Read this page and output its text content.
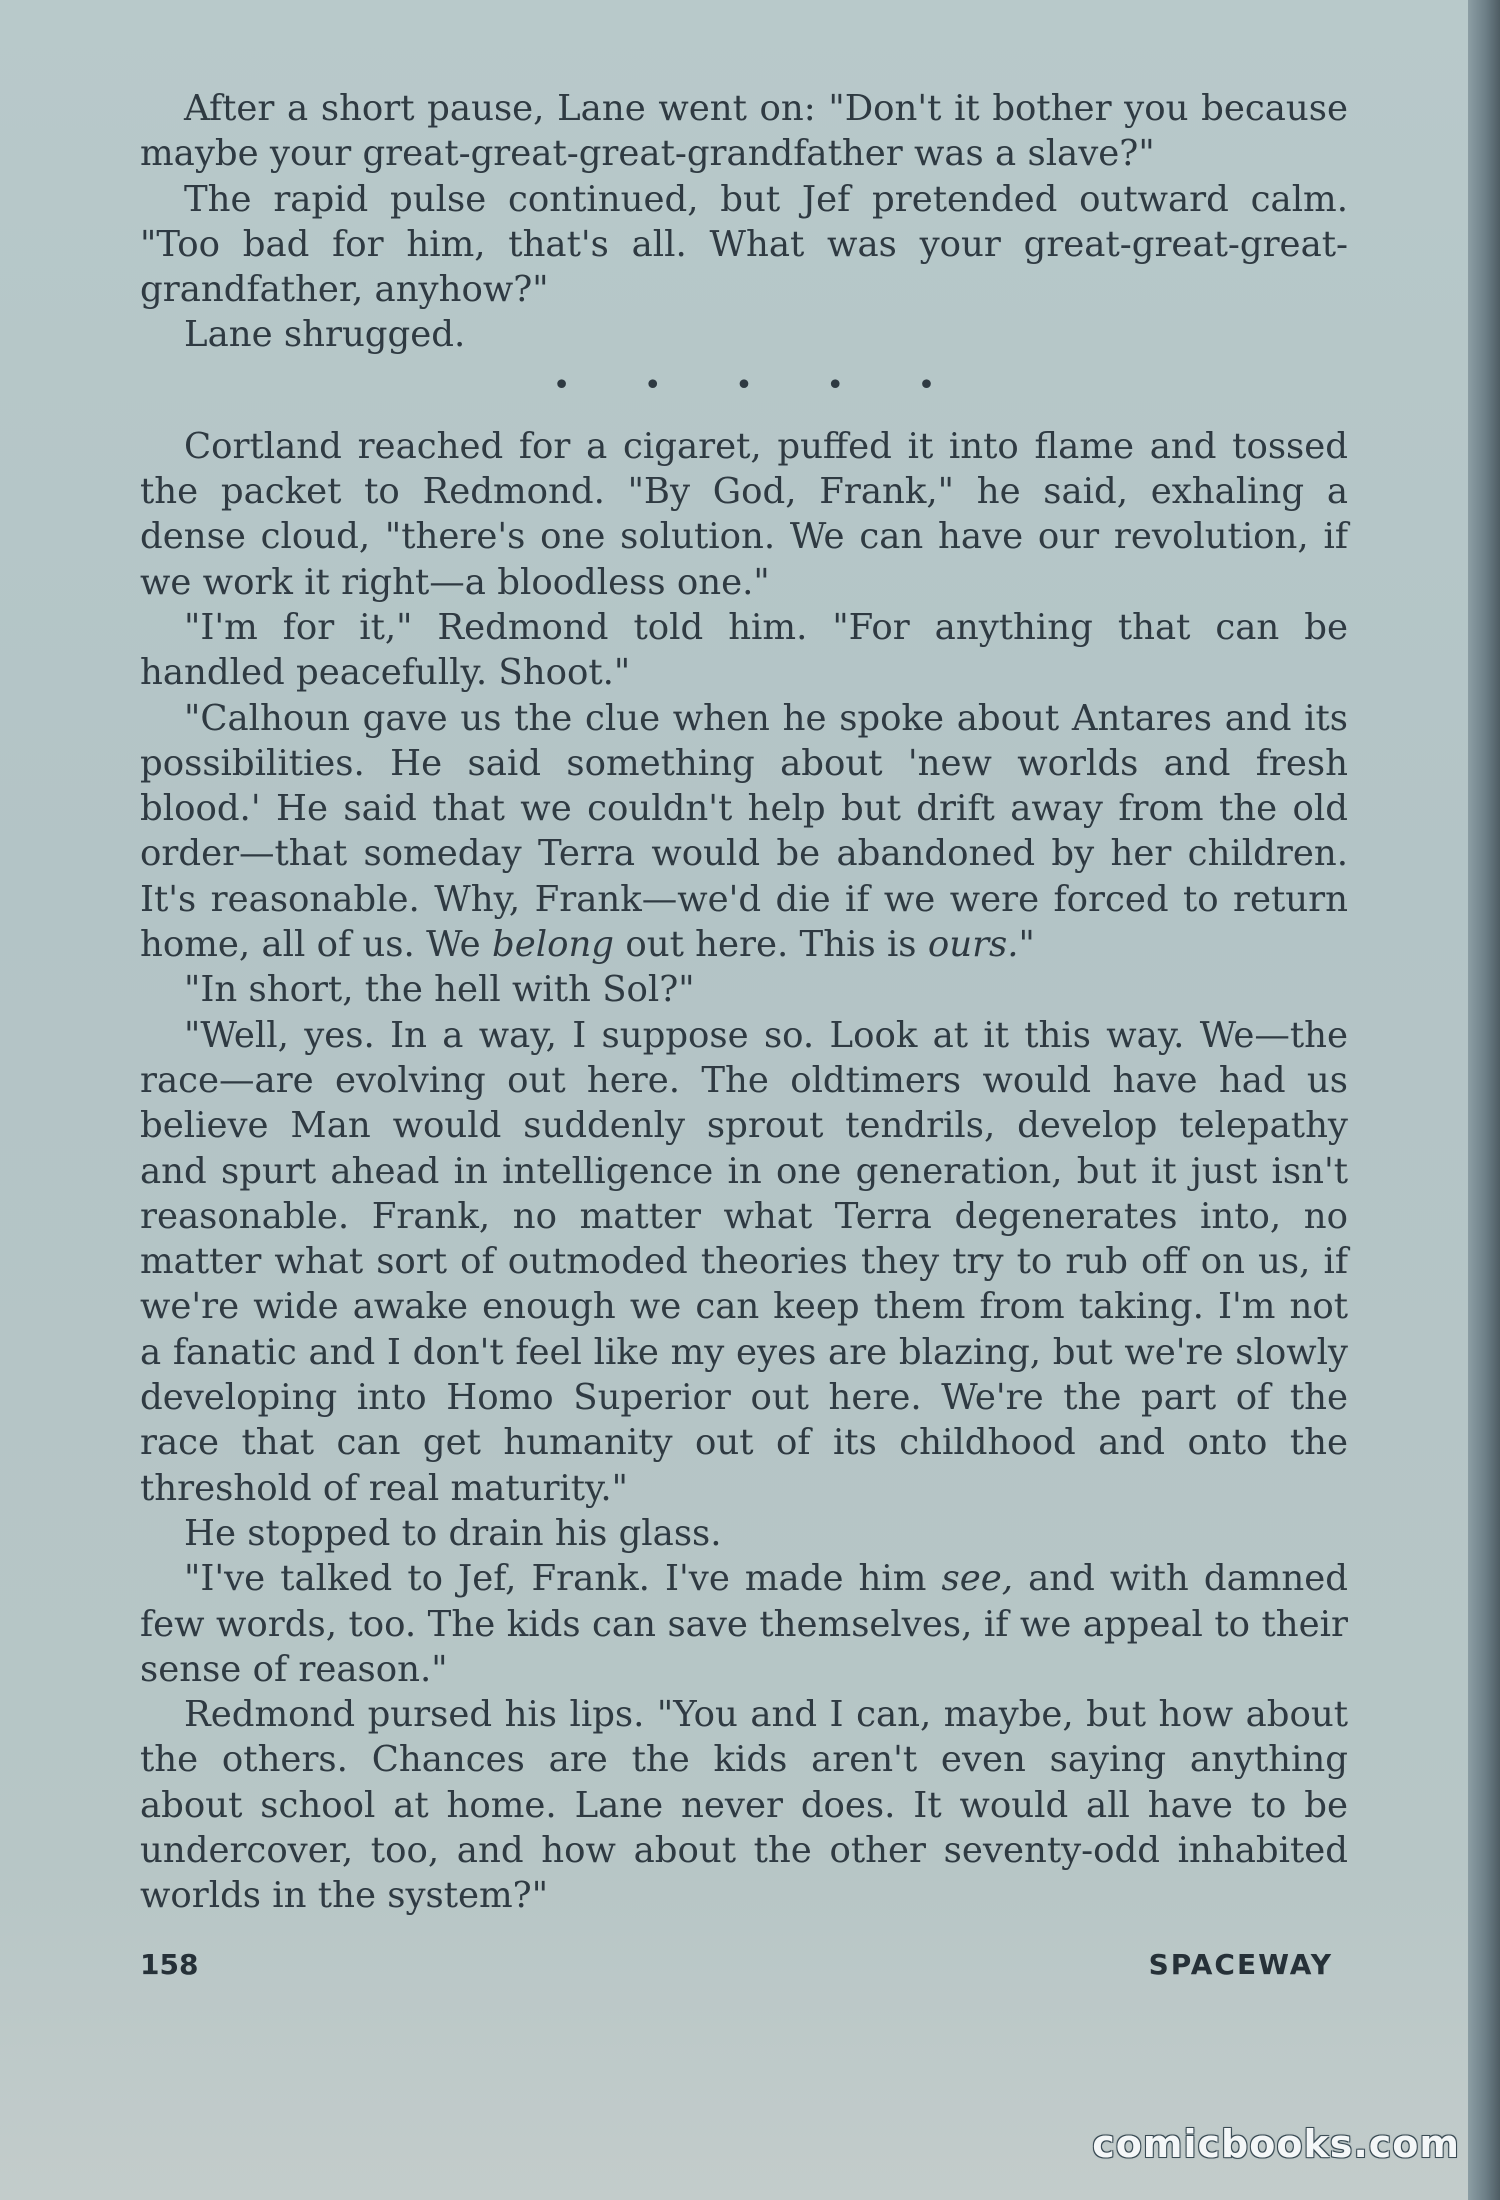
After a short pause, Lane went on: "Don't it bother you because maybe your great-great-great-grandfather was a slave?"

The rapid pulse continued, but Jef pretended outward calm. "Too bad for him, that's all. What was your great-great-great-grandfather, anyhow?"

Lane shrugged.

• • • • •

Cortland reached for a cigaret, puffed it into flame and tossed the packet to Redmond. "By God, Frank," he said, exhaling a dense cloud, "there's one solution. We can have our revolution, if we work it right—a bloodless one."

"I'm for it," Redmond told him. "For anything that can be handled peacefully. Shoot."

"Calhoun gave us the clue when he spoke about Antares and its possibilities. He said something about 'new worlds and fresh blood.' He said that we couldn't help but drift away from the old order—that someday Terra would be abandoned by her children. It's reasonable. Why, Frank—we'd die if we were forced to return home, all of us. We belong out here. This is ours."

"In short, the hell with Sol?"

"Well, yes. In a way, I suppose so. Look at it this way. We—the race—are evolving out here. The oldtimers would have had us believe Man would suddenly sprout tendrils, develop telepathy and spurt ahead in intelligence in one generation, but it just isn't reasonable. Frank, no matter what Terra degenerates into, no matter what sort of outmoded theories they try to rub off on us, if we're wide awake enough we can keep them from taking. I'm not a fanatic and I don't feel like my eyes are blazing, but we're slowly developing into Homo Superior out here. We're the part of the race that can get humanity out of its childhood and onto the threshold of real maturity."

He stopped to drain his glass.

"I've talked to Jef, Frank. I've made him see, and with damned few words, too. The kids can save themselves, if we appeal to their sense of reason."

Redmond pursed his lips. "You and I can, maybe, but how about the others. Chances are the kids aren't even saying anything about school at home. Lane never does. It would all have to be undercover, too, and how about the other seventy-odd inhabited worlds in the system?"

158	SPACEWAY
comicbooks.com
